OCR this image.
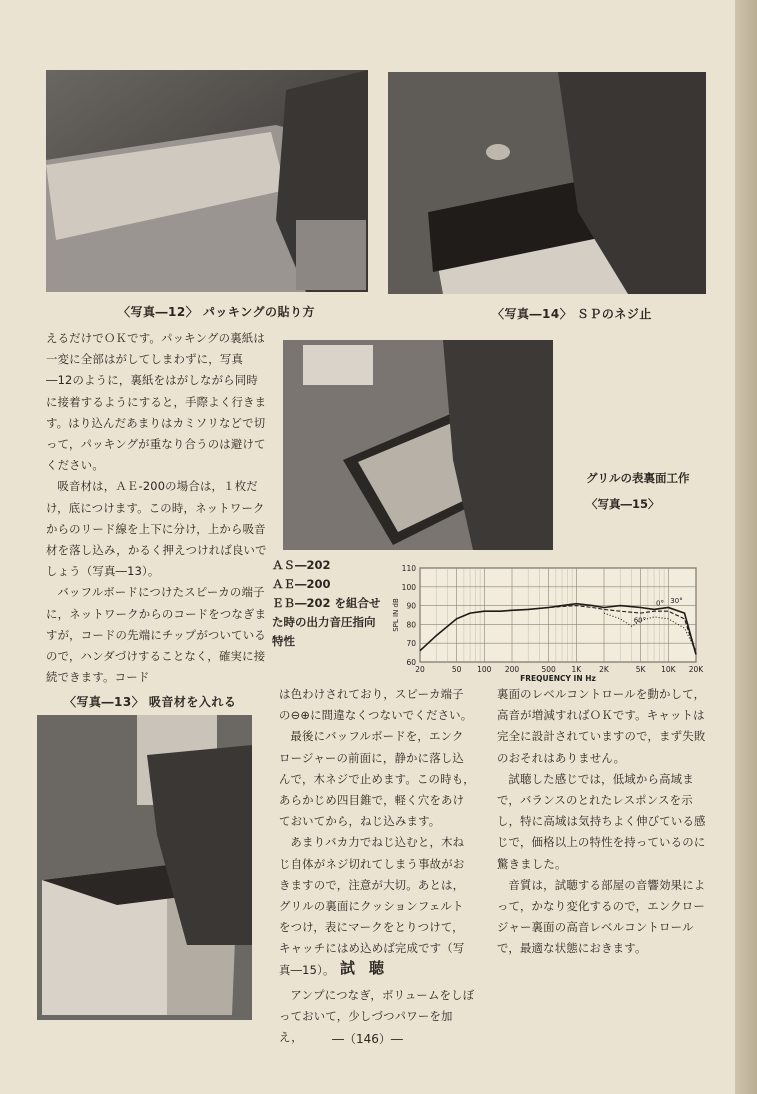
〈写真―12〉 パッキングの貼り方	〈写真―14〉 ＳＰのネジ止
グリルの表裏面工作
〈写真―15〉

えるだけでＯＫです。パッキングの裏紙は一変に全部はがしてしまわずに，写真―12のように，裏紙をはがしながら同時に接着するようにすると，手際よく行きます。はり込んだあまりはカミソリなどで切って，パッキングが重なり合うのは避けてください。

吸音材は，ＡＥ-200の場合は，１枚だけ，底につけます。この時，ネットワークからのリード線を上下に分け，上から吸音材を落し込み，かるく押えつければ良いでしょう（写真―13）。

バッフルボードにつけたスピーカの端子に，ネットワークからのコードをつなぎますが，コードの先端にチップがついているので，ハンダづけすることなく，確実に接続できます。コード

ＡＳ―202
ＡＥ―200
ＥＢ―202 を組合せ
た時の出力音圧指向
特性
20	50 100 200	500 1K 2K	5K 10K 20K
60
70
80
90
100
110
FREQUENCY IN Hz
SPL IN dB	0° 30°
60°
〈写真―13〉 吸音材を入れる

は色わけされており，スピーカ端子の⊖⊕に間違なくつないでください。

最後にバッフルボードを，エンクロージャーの前面に，静かに落し込んで，木ネジで止めます。この時も，あらかじめ四目錐で，軽く穴をあけておいてから，ねじ込みます。

あまりバカ力でねじ込むと，木ねじ自体がネジ切れてしまう事故がおきますので，注意が大切。あとは，グリルの裏面にクッションフェルトをつけ，表にマークをとりつけて，キャッチにはめ込めば完成です（写真―15）。 試聴

アンプにつなぎ，ボリュームをしぼっておいて，少しづつパワーを加え，

裏面のレベルコントロールを動かして，高音が増減すればＯＫです。キャットは完全に設計されていますので，まず失敗のおそれはありません。

試聴した感じでは，低域から高域まで，バランスのとれたレスポンスを示し，特に高域は気持ちよく伸びている感じで，価格以上の特性を持っているのに驚きました。

音質は，試聴する部屋の音響効果によって，かなり変化するので，エンクロージャー裏面の高音レベルコントロールで，最適な状態におきます。

―（146）―
